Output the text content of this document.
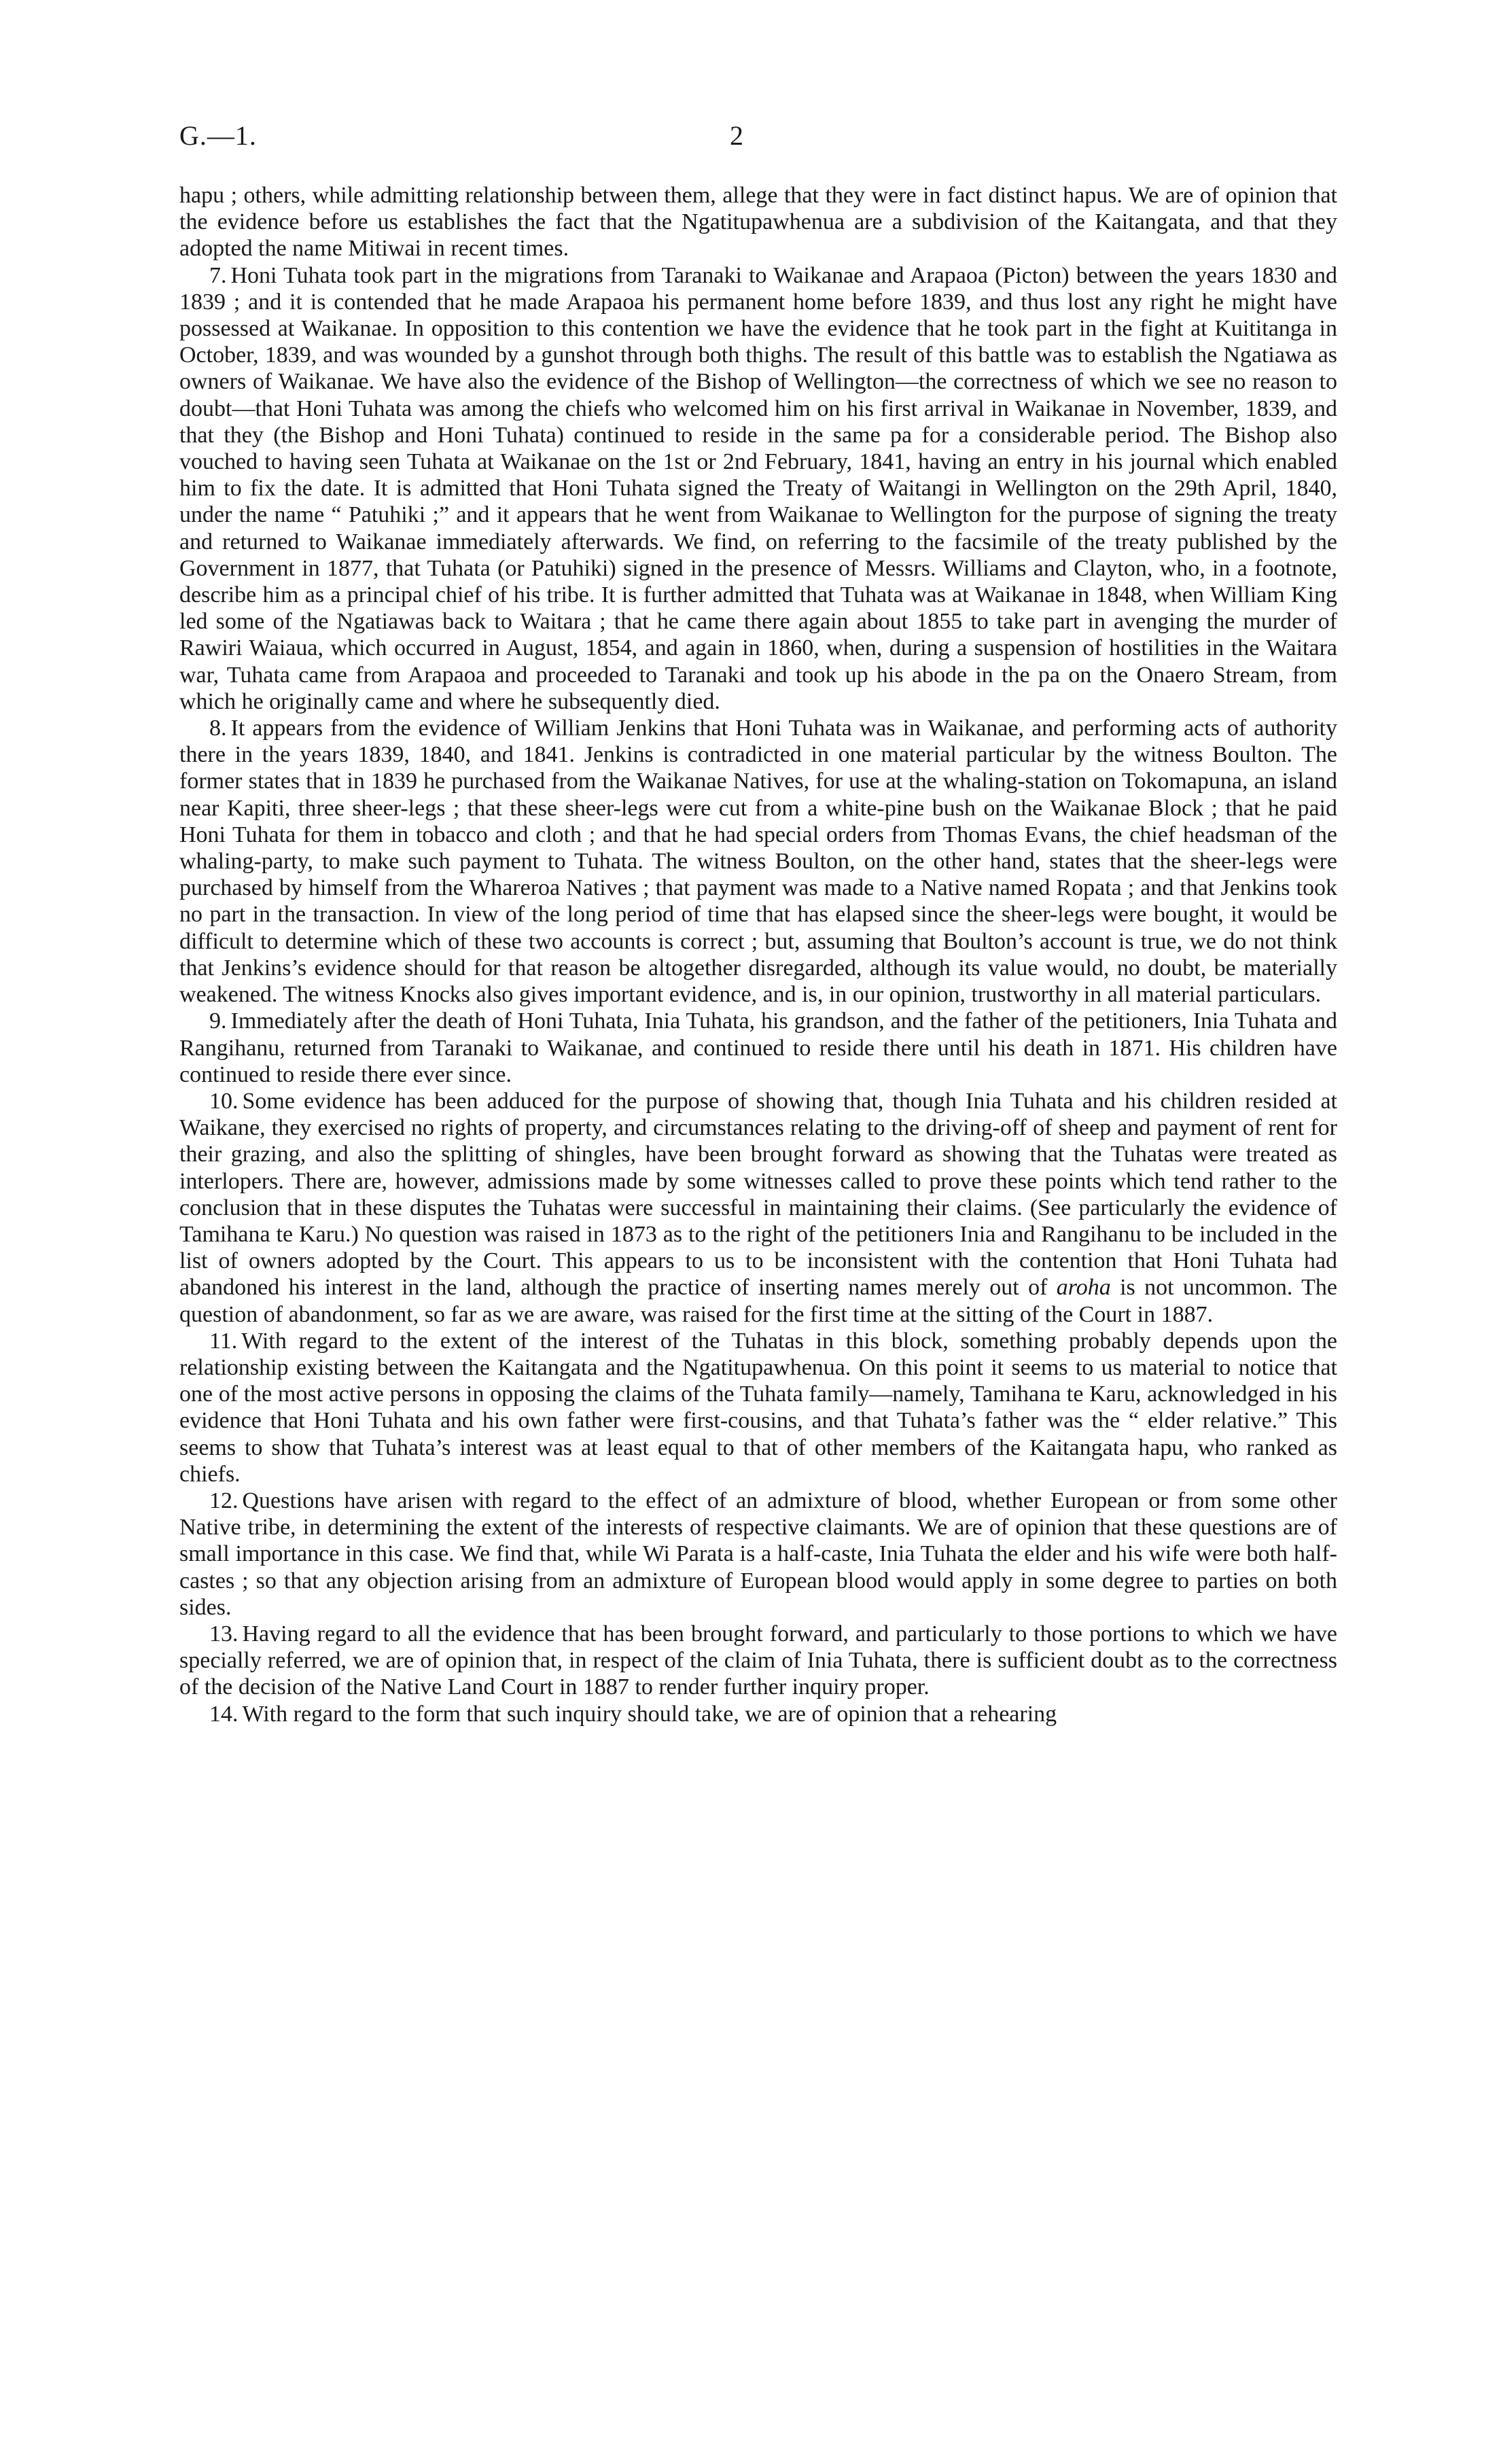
G.—1.	2

hapu ; others, while admitting relationship between them, allege that they were in fact distinct hapus. We are of opinion that the evidence before us establishes the fact that the Ngatitupawhenua are a subdivision of the Kaitangata, and that they adopted the name Mitiwai in recent times.

7. Honi Tuhata took part in the migrations from Taranaki to Waikanae and Arapaoa (Picton) between the years 1830 and 1839 ; and it is contended that he made Arapaoa his permanent home before 1839, and thus lost any right he might have possessed at Waikanae. In opposition to this contention we have the evidence that he took part in the fight at Kuititanga in October, 1839, and was wounded by a gunshot through both thighs. The result of this battle was to establish the Ngatiawa as owners of Waikanae. We have also the evidence of the Bishop of Wellington—the correctness of which we see no reason to doubt—that Honi Tuhata was among the chiefs who welcomed him on his first arrival in Waikanae in November, 1839, and that they (the Bishop and Honi Tuhata) continued to reside in the same pa for a considerable period. The Bishop also vouched to having seen Tuhata at Waikanae on the 1st or 2nd February, 1841, having an entry in his journal which enabled him to fix the date. It is admitted that Honi Tuhata signed the Treaty of Waitangi in Wellington on the 29th April, 1840, under the name “ Patuhiki ;” and it appears that he went from Waikanae to Wellington for the purpose of signing the treaty and returned to Waikanae immediately afterwards. We find, on referring to the facsimile of the treaty published by the Government in 1877, that Tuhata (or Patuhiki) signed in the presence of Messrs. Williams and Clayton, who, in a footnote, describe him as a principal chief of his tribe. It is further admitted that Tuhata was at Waikanae in 1848, when William King led some of the Ngatiawas back to Waitara ; that he came there again about 1855 to take part in avenging the murder of Rawiri Waiaua, which occurred in August, 1854, and again in 1860, when, during a suspension of hostilities in the Waitara war, Tuhata came from Arapaoa and proceeded to Taranaki and took up his abode in the pa on the Onaero Stream, from which he originally came and where he subsequently died.

8. It appears from the evidence of William Jenkins that Honi Tuhata was in Waikanae, and performing acts of authority there in the years 1839, 1840, and 1841. Jenkins is contradicted in one material particular by the witness Boulton. The former states that in 1839 he purchased from the Waikanae Natives, for use at the whaling-station on Tokomapuna, an island near Kapiti, three sheer-legs ; that these sheer-legs were cut from a white-pine bush on the Waikanae Block ; that he paid Honi Tuhata for them in tobacco and cloth ; and that he had special orders from Thomas Evans, the chief headsman of the whaling-party, to make such payment to Tuhata. The witness Boulton, on the other hand, states that the sheer-legs were purchased by himself from the Whareroa Natives ; that payment was made to a Native named Ropata ; and that Jenkins took no part in the transaction. In view of the long period of time that has elapsed since the sheer-legs were bought, it would be difficult to determine which of these two accounts is correct ; but, assuming that Boulton’s account is true, we do not think that Jenkins’s evidence should for that reason be altogether disregarded, although its value would, no doubt, be materially weakened. The witness Knocks also gives important evidence, and is, in our opinion, trustworthy in all material particulars.

9. Immediately after the death of Honi Tuhata, Inia Tuhata, his grandson, and the father of the petitioners, Inia Tuhata and Rangihanu, returned from Taranaki to Waikanae, and continued to reside there until his death in 1871. His children have continued to reside there ever since.

10. Some evidence has been adduced for the purpose of showing that, though Inia Tuhata and his children resided at Waikane, they exercised no rights of property, and circumstances relating to the driving-off of sheep and payment of rent for their grazing, and also the splitting of shingles, have been brought forward as showing that the Tuhatas were treated as interlopers. There are, however, admissions made by some witnesses called to prove these points which tend rather to the conclusion that in these disputes the Tuhatas were successful in maintaining their claims. (See particularly the evidence of Tamihana te Karu.) No question was raised in 1873 as to the right of the petitioners Inia and Rangihanu to be included in the list of owners adopted by the Court. This appears to us to be inconsistent with the contention that Honi Tuhata had abandoned his interest in the land, although the practice of inserting names merely out of aroha is not uncommon. The question of abandonment, so far as we are aware, was raised for the first time at the sitting of the Court in 1887.

11. With regard to the extent of the interest of the Tuhatas in this block, something probably depends upon the relationship existing between the Kaitangata and the Ngatitupawhenua. On this point it seems to us material to notice that one of the most active persons in opposing the claims of the Tuhata family—namely, Tamihana te Karu, acknowledged in his evidence that Honi Tuhata and his own father were first-cousins, and that Tuhata’s father was the “ elder relative.” This seems to show that Tuhata’s interest was at least equal to that of other members of the Kaitangata hapu, who ranked as chiefs.

12. Questions have arisen with regard to the effect of an admixture of blood, whether European or from some other Native tribe, in determining the extent of the interests of respective claimants. We are of opinion that these questions are of small importance in this case. We find that, while Wi Parata is a half-caste, Inia Tuhata the elder and his wife were both half-castes ; so that any objection arising from an admixture of European blood would apply in some degree to parties on both sides.

13. Having regard to all the evidence that has been brought forward, and particularly to those portions to which we have specially referred, we are of opinion that, in respect of the claim of Inia Tuhata, there is sufficient doubt as to the correctness of the decision of the Native Land Court in 1887 to render further inquiry proper.

14. With regard to the form that such inquiry should take, we are of opinion that a rehearing
